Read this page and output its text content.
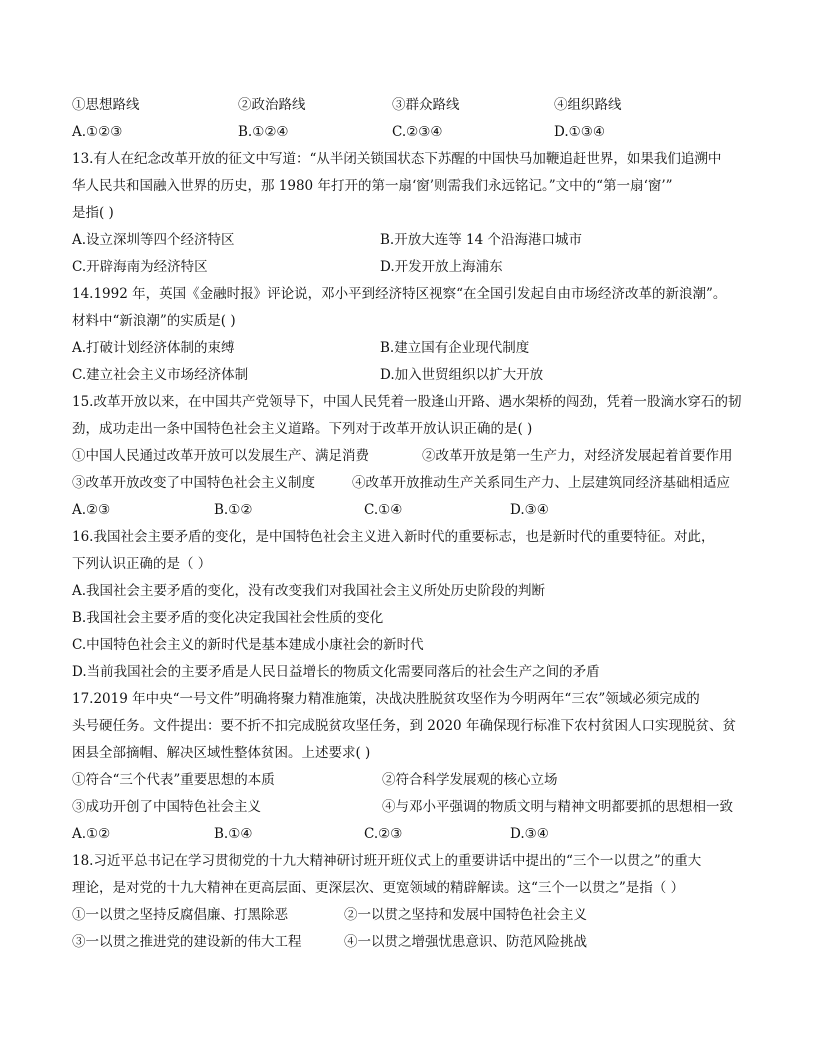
①思想路线	②政治路线	③群众路线	④组织路线
A.①②③	B.①②④	C.②③④	D.①③④
13.有人在纪念改革开放的征文中写道：“从半闭关锁国状态下苏醒的中国快马加鞭追赶世界，如果我们追溯中
华人民共和国融入世界的历史，那 1980 年打开的第一扇‘窗’则需我们永远铭记。”文中的“第一扇‘窗’”
是指( )
A.设立深圳等四个经济特区	B.开放大连等 14 个沿海港口城市
C.开辟海南为经济特区	D.开发开放上海浦东
14.1992 年，英国《金融时报》评论说，邓小平到经济特区视察“在全国引发起自由市场经济改革的新浪潮”。
材料中“新浪潮”的实质是( )
A.打破计划经济体制的束缚	B.建立国有企业现代制度
C.建立社会主义市场经济体制	D.加入世贸组织以扩大开放
15.改革开放以来，在中国共产党领导下，中国人民凭着一股逢山开路、遇水架桥的闯劲，凭着一股滴水穿石的韧
劲，成功走出一条中国特色社会主义道路。下列对于改革开放认识正确的是( )
①中国人民通过改革开放可以发展生产、满足消费	②改革开放是第一生产力，对经济发展起着首要作用
③改革开放改变了中国特色社会主义制度	④改革开放推动生产关系同生产力、上层建筑同经济基础相适应
A.②③	B.①②	C.①④	D.③④
16.我国社会主要矛盾的变化，是中国特色社会主义进入新时代的重要标志，也是新时代的重要特征。对此，
下列认识正确的是（ ）
A.我国社会主要矛盾的变化，没有改变我们对我国社会主义所处历史阶段的判断
B.我国社会主要矛盾的变化决定我国社会性质的变化
C.中国特色社会主义的新时代是基本建成小康社会的新时代
D.当前我国社会的主要矛盾是人民日益增长的物质文化需要同落后的社会生产之间的矛盾
17.2019 年中央“一号文件”明确将聚力精准施策，决战决胜脱贫攻坚作为今明两年“三农”领域必须完成的
头号硬任务。文件提出：要不折不扣完成脱贫攻坚任务，到 2020 年确保现行标准下农村贫困人口实现脱贫、贫
困县全部摘帽、解决区域性整体贫困。上述要求( )
①符合“三个代表”重要思想的本质	②符合科学发展观的核心立场
③成功开创了中国特色社会主义	④与邓小平强调的物质文明与精神文明都要抓的思想相一致
A.①②	B.①④	C.②③	D.③④
18.习近平总书记在学习贯彻党的十九大精神研讨班开班仪式上的重要讲话中提出的“三个一以贯之”的重大
理论，是对党的十九大精神在更高层面、更深层次、更宽领域的精辟解读。这“三个一以贯之”是指（ ）
①一以贯之坚持反腐倡廉、打黑除恶	②一以贯之坚持和发展中国特色社会主义
③一以贯之推进党的建设新的伟大工程	④一以贯之增强忧患意识、防范风险挑战
